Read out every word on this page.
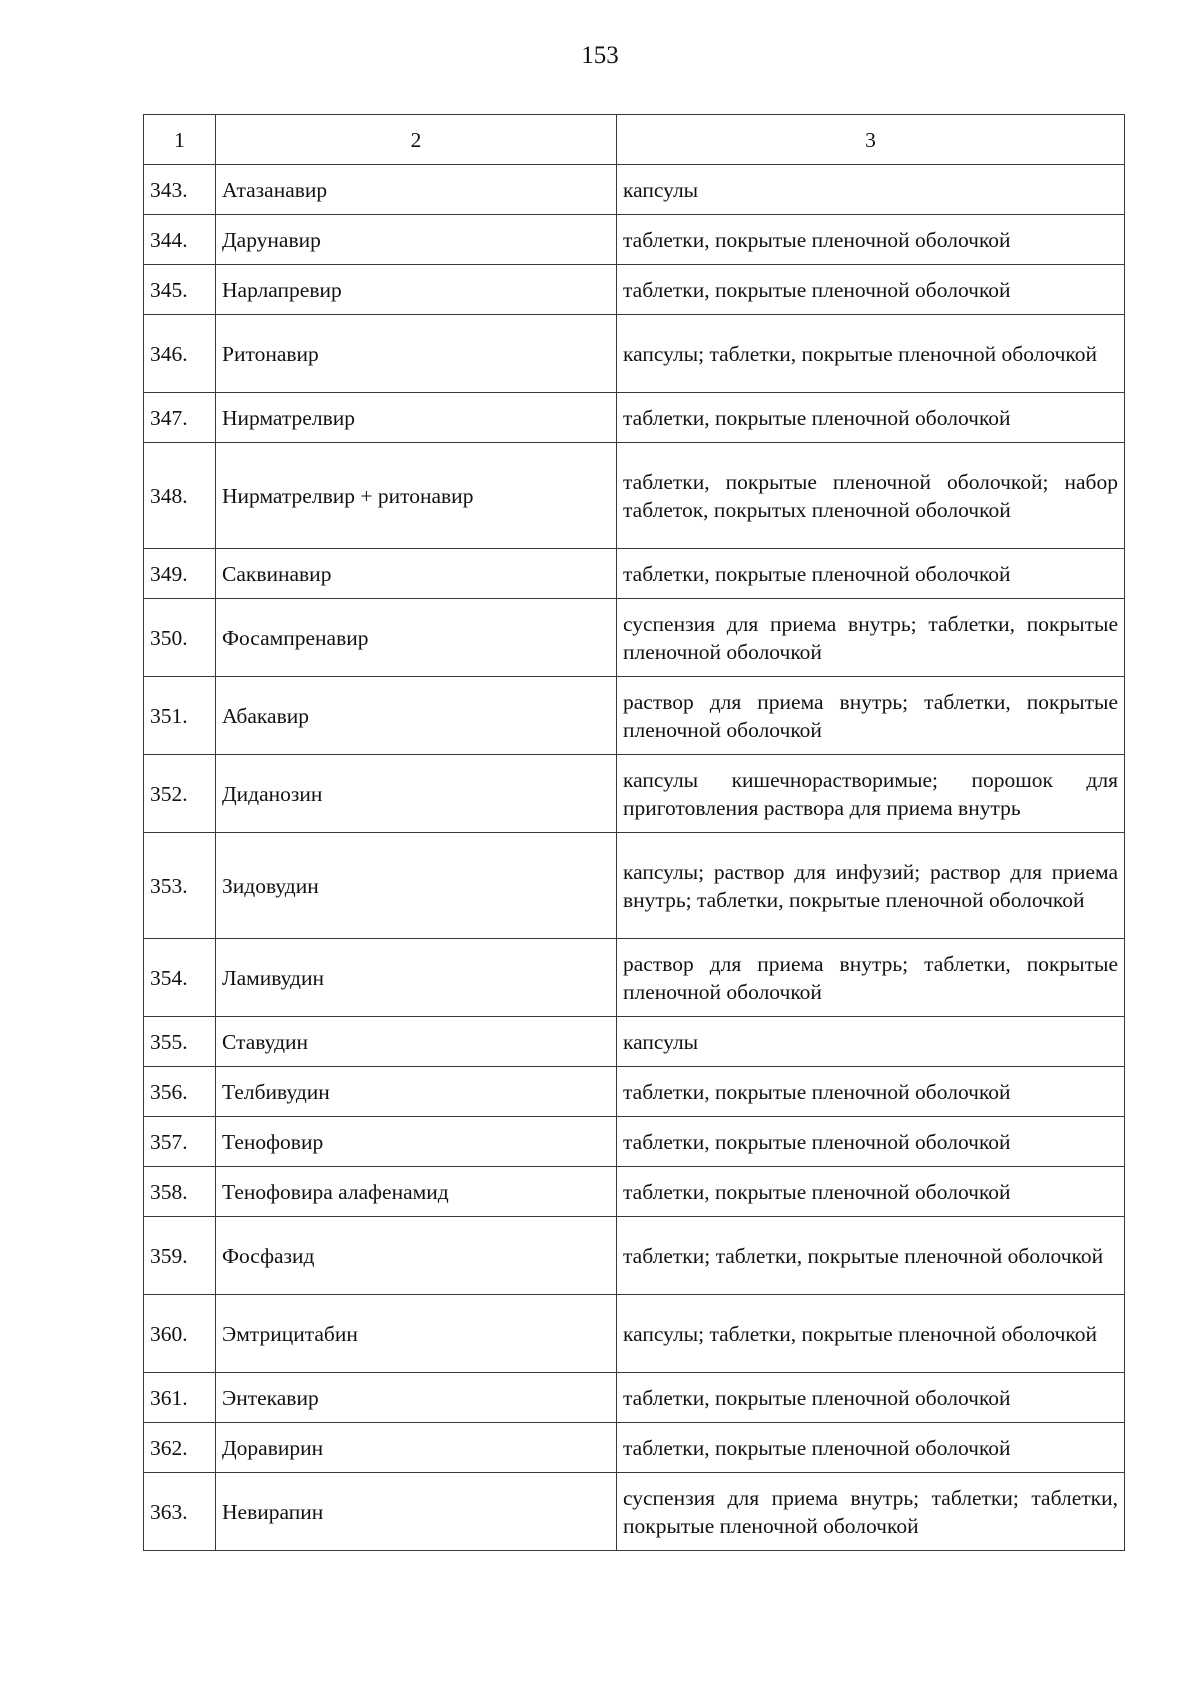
153
1	2	3
343.	Атазанавир	капсулы
344.	Дарунавир	таблетки, покрытые пленочной оболочкой
345.	Нарлапревир	таблетки, покрытые пленочной оболочкой
346.	Ритонавир	капсулы; таблетки, покрытые пленочной оболочкой
347.	Нирматрелвир	таблетки, покрытые пленочной оболочкой
348.	Нирматрелвир + ритонавир	таблетки, покрытые пленочной оболочкой; набор таблеток, покрытых пленочной оболочкой
349.	Саквинавир	таблетки, покрытые пленочной оболочкой
350.	Фосампренавир	суспензия для приема внутрь; таблетки, покрытые пленочной оболочкой
351.	Абакавир	раствор для приема внутрь; таблетки, покрытые пленочной оболочкой
352.	Диданозин	капсулы кишечнорастворимые; порошок для приготовления раствора для приема внутрь
353.	Зидовудин	капсулы; раствор для инфузий; раствор для приема внутрь; таблетки, покрытые пленочной оболочкой
354.	Ламивудин	раствор для приема внутрь; таблетки, покрытые пленочной оболочкой
355.	Ставудин	капсулы
356.	Телбивудин	таблетки, покрытые пленочной оболочкой
357.	Тенофовир	таблетки, покрытые пленочной оболочкой
358.	Тенофовира алафенамид	таблетки, покрытые пленочной оболочкой
359.	Фосфазид	таблетки; таблетки, покрытые пленочной оболочкой
360.	Эмтрицитабин	капсулы; таблетки, покрытые пленочной оболочкой
361.	Энтекавир	таблетки, покрытые пленочной оболочкой
362.	Доравирин	таблетки, покрытые пленочной оболочкой
363.	Невирапин	суспензия для приема внутрь; таблетки; таблетки, покрытые пленочной оболочкой
